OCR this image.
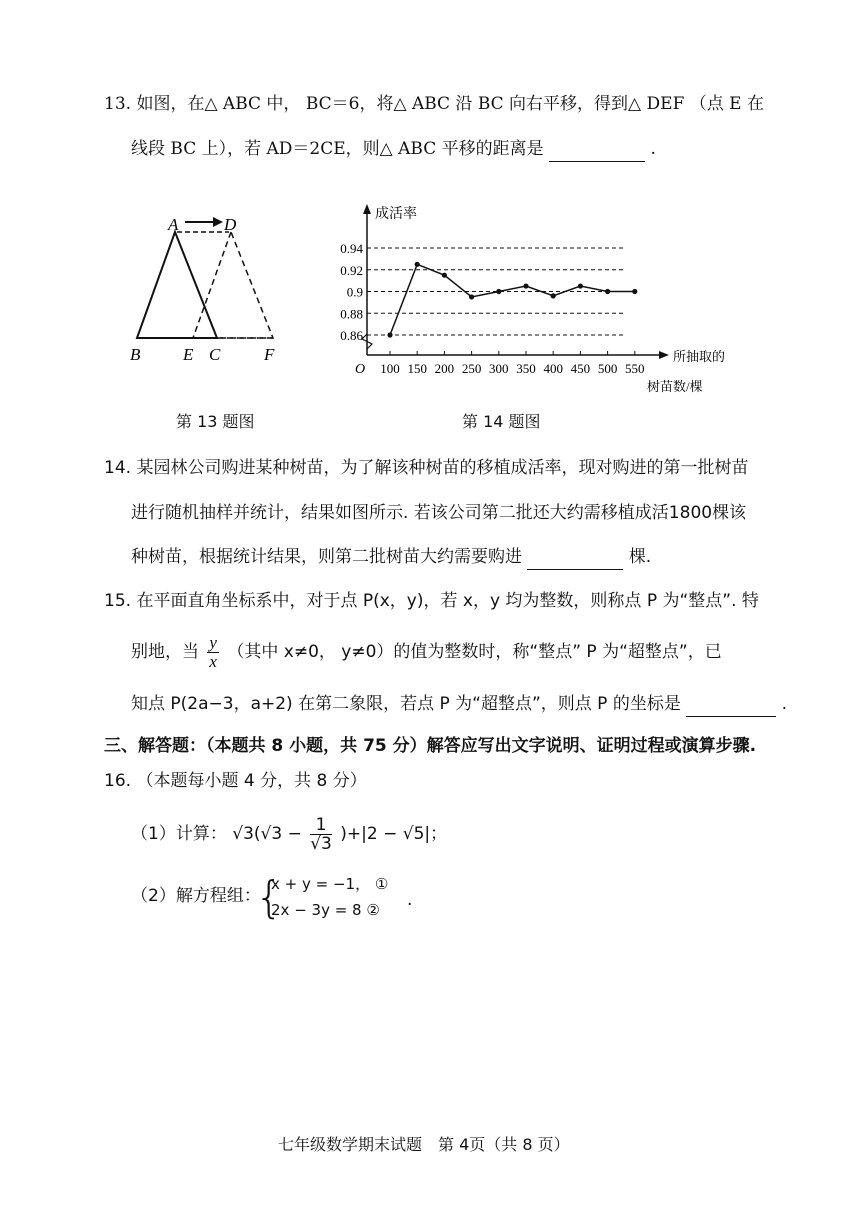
13. 如图，在△ ABC 中， BC＝6，将△ ABC 沿 BC 向右平移，得到△ DEF （点 E 在
线段 BC 上），若 AD＝2CE，则△ ABC 平移的距离是	.
A	D
B	E C	F
第 13 题图
0.86
0.88
0.9
0.92
0.94
100 150 200 250 300 350 400 450 500 550
O
成活率
所抽取的
树苗数/棵
第 14 题图
14. 某园林公司购进某种树苗，为了解该种树苗的移植成活率，现对购进的第一批树苗
进行随机抽样并统计，结果如图所示. 若该公司第二批还大约需移植成活1800棵该
种树苗，根据统计结果，则第二批树苗大约需要购进	棵.
15. 在平面直角坐标系中，对于点 P(x，y)，若 x，y 均为整数，则称点 P 为“整点”. 特
别地，当 $\frac{y}{x}$ （其中 x≠0， y≠0）的值为整数时，称“整点” P 为“超整点”，已
知点 P(2a−3，a+2) 在第二象限，若点 P 为“超整点”，则点 P 的坐标是	.
三、解答题：（本题共 8 小题，共 75 分）解答应写出文字说明、证明过程或演算步骤.
16. （本题每小题 4 分，共 8 分）
（1）计算： $√3(√3 - \frac{1}{√3} )+|2 - √5|$；
（2）解方程组：
{
x + y = −1， ①
2x − 3y = 8 ② .
七年级数学期末试题　第 4页（共 8 页）
